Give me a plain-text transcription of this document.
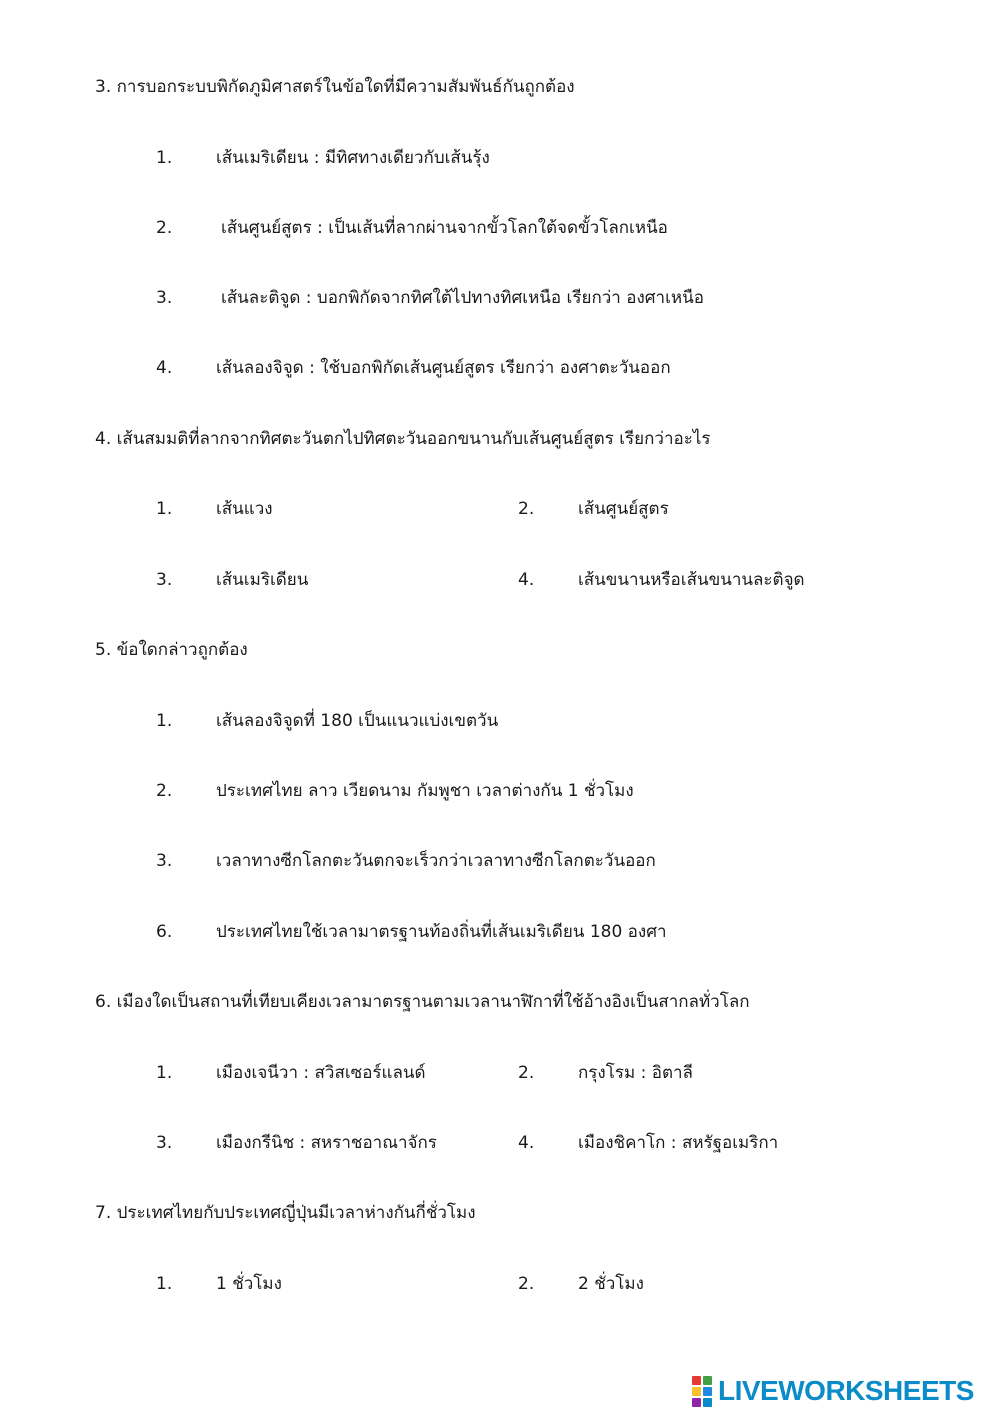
3. การบอกระบบพิกัดภูมิศาสตร์ในข้อใดที่มีความสัมพันธ์กันถูกต้อง
1.	เส้นเมริเดียน : มีทิศทางเดียวกับเส้นรุ้ง
2.	เส้นศูนย์สูตร : เป็นเส้นที่ลากผ่านจากขั้วโลกใต้จดขั้วโลกเหนือ
3.	เส้นละติจูด : บอกพิกัดจากทิศใต้ไปทางทิศเหนือ เรียกว่า องศาเหนือ
4.	เส้นลองจิจูด : ใช้บอกพิกัดเส้นศูนย์สูตร เรียกว่า องศาตะวันออก
4. เส้นสมมติที่ลากจากทิศตะวันตกไปทิศตะวันออกขนานกับเส้นศูนย์สูตร เรียกว่าอะไร
1.	เส้นแวง	2.	เส้นศูนย์สูตร
3.	เส้นเมริเดียน	4.	เส้นขนานหรือเส้นขนานละติจูด
5. ข้อใดกล่าวถูกต้อง
1.	เส้นลองจิจูดที่ 180 เป็นแนวแบ่งเขตวัน
2.	ประเทศไทย ลาว เวียดนาม กัมพูชา เวลาต่างกัน 1 ชั่วโมง
3.	เวลาทางซีกโลกตะวันตกจะเร็วกว่าเวลาทางซีกโลกตะวันออก
6.	ประเทศไทยใช้เวลามาตรฐานท้องถิ่นที่เส้นเมริเดียน 180 องศา
6. เมืองใดเป็นสถานที่เทียบเคียงเวลามาตรฐานตามเวลานาฬิกาที่ใช้อ้างอิงเป็นสากลทั่วโลก
1.	เมืองเจนีวา : สวิสเซอร์แลนด์	2.	กรุงโรม : อิตาลี
3.	เมืองกรีนิช : สหราชอาณาจักร	4.	เมืองชิคาโก : สหรัฐอเมริกา
7. ประเทศไทยกับประเทศญี่ปุ่นมีเวลาห่างกันกี่ชั่วโมง
1.	1 ชั่วโมง	2.	2 ชั่วโมง
LIVEWORKSHEETS
